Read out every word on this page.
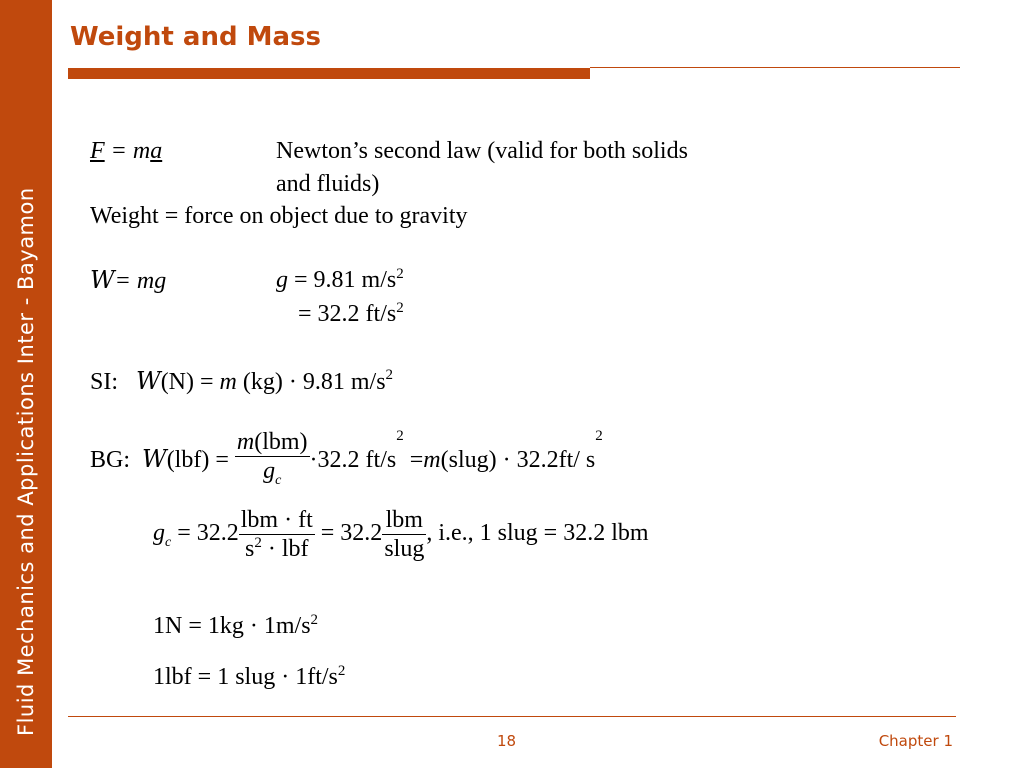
Fluid Mechanics and Applications Inter - Bayamon
Weight and Mass
F = ma	Newton’s second law (valid for both solids
and fluids)
Weight = force on object due to gravity
W= mg	g = 9.81 $m/s^2$
= 32.2 $ft/s^2$
SI: W(N) = m (kg) · 9.81 $m/s^2$
BG: $W(lbf) = \frac{\text{m(lbm)}}{g_c} \cdot 32.2$ $ft/s^2$ =m(slug) · 32.2ft/ $s^2$
$g_c = 32.2 \frac{\text{lbm · ft}}{s^2 \cdot lbf} = 32.2 \frac{\text{lbm}}{\text{slug}}$ , i.e., 1 slug = 32.2 lbm
$1N = 1kg \cdot 1m/s^2$
1lbf = 1 slug · $1ft/s^2$
18	Chapter 1
